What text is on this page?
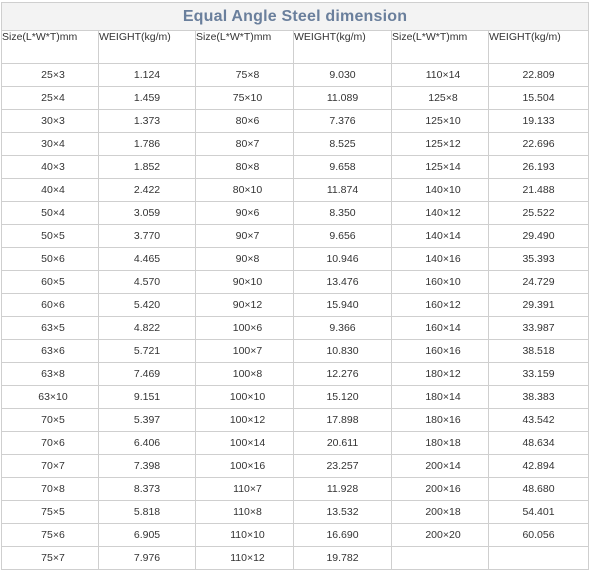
Equal Angle Steel dimension					
Size(L*W*T)mm	WEIGHT(kg/m)	Size(L*W*T)mm	WEIGHT(kg/m)	Size(L*W*T)mm	WEIGHT(kg/m)
25×3	1.124	75×8	9.030	110×14	22.809
25×4	1.459	75×10	11.089	125×8	15.504
30×3	1.373	80×6	7.376	125×10	19.133
30×4	1.786	80×7	8.525	125×12	22.696
40×3	1.852	80×8	9.658	125×14	26.193
40×4	2.422	80×10	11.874	140×10	21.488
50×4	3.059	90×6	8.350	140×12	25.522
50×5	3.770	90×7	9.656	140×14	29.490
50×6	4.465	90×8	10.946	140×16	35.393
60×5	4.570	90×10	13.476	160×10	24.729
60×6	5.420	90×12	15.940	160×12	29.391
63×5	4.822	100×6	9.366	160×14	33.987
63×6	5.721	100×7	10.830	160×16	38.518
63×8	7.469	100×8	12.276	180×12	33.159
63×10	9.151	100×10	15.120	180×14	38.383
70×5	5.397	100×12	17.898	180×16	43.542
70×6	6.406	100×14	20.611	180×18	48.634
70×7	7.398	100×16	23.257	200×14	42.894
70×8	8.373	110×7	11.928	200×16	48.680
75×5	5.818	110×8	13.532	200×18	54.401
75×6	6.905	110×10	16.690	200×20	60.056
75×7	7.976	110×12	19.782		
